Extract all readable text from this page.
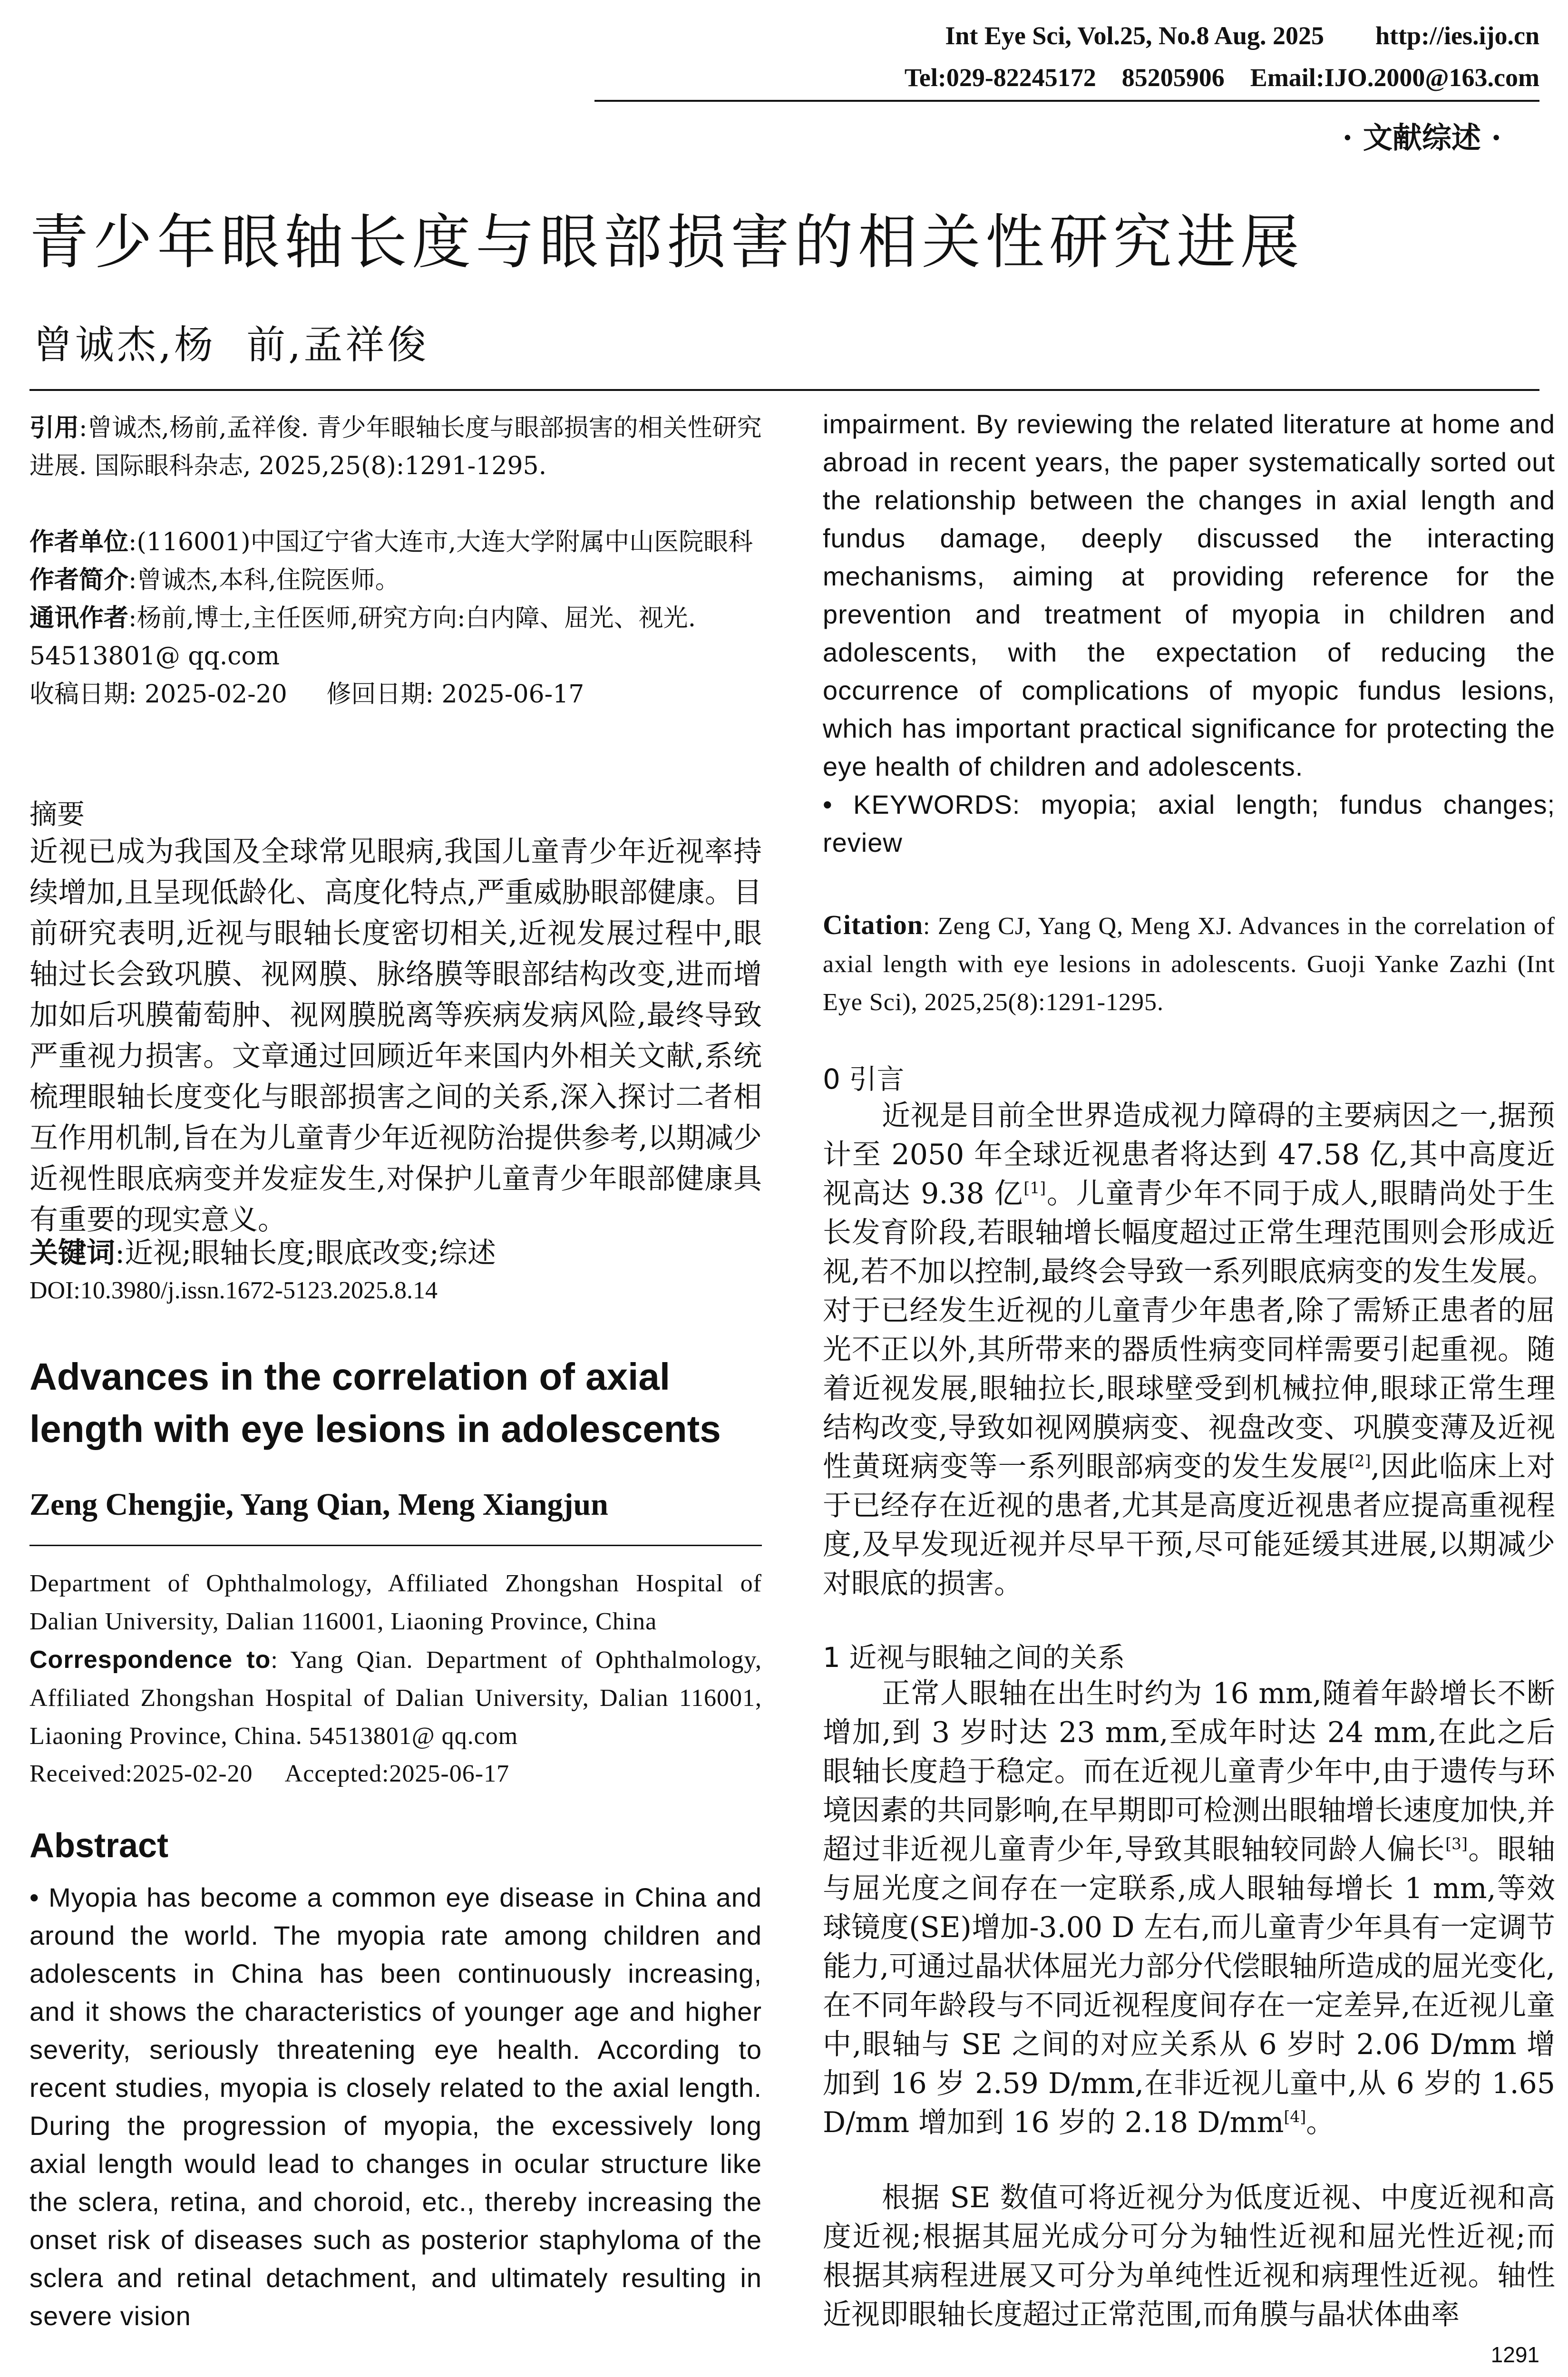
Int Eye Sci, Vol.25, No.8 Aug. 2025        http://ies.ijo.cn
Tel:029-82245172    85205906    Email:IJO.2000@163.com
· 文献综述 ·
青少年眼轴长度与眼部损害的相关性研究进展
曾诚杰,杨  前,孟祥俊
引用:曾诚杰,杨前,孟祥俊. 青少年眼轴长度与眼部损害的相关性研究进展. 国际眼科杂志, 2025,25(8):1291-1295.
作者单位:(116001)中国辽宁省大连市,大连大学附属中山医院眼科
作者简介:曾诚杰,本科,住院医师。
通讯作者:杨前,博士,主任医师,研究方向:白内障、屈光、视光. 54513801@ qq.com
收稿日期: 2025-02-20     修回日期: 2025-06-17
摘要
近视已成为我国及全球常见眼病,我国儿童青少年近视率持续增加,且呈现低龄化、高度化特点,严重威胁眼部健康。目前研究表明,近视与眼轴长度密切相关,近视发展过程中,眼轴过长会致巩膜、视网膜、脉络膜等眼部结构改变,进而增加如后巩膜葡萄肿、视网膜脱离等疾病发病风险,最终导致严重视力损害。文章通过回顾近年来国内外相关文献,系统梳理眼轴长度变化与眼部损害之间的关系,深入探讨二者相互作用机制,旨在为儿童青少年近视防治提供参考,以期减少近视性眼底病变并发症发生,对保护儿童青少年眼部健康具有重要的现实意义。
关键词:近视;眼轴长度;眼底改变;综述
DOI:10.3980/j.issn.1672-5123.2025.8.14
Advances in the correlation of axial length with eye lesions in adolescents
Zeng Chengjie, Yang Qian, Meng Xiangjun
Department of Ophthalmology, Affiliated Zhongshan Hospital of Dalian University, Dalian 116001, Liaoning Province, China
Correspondence to: Yang Qian. Department of Ophthalmology, Affiliated Zhongshan Hospital of Dalian University, Dalian 116001, Liaoning Province, China. 54513801@ qq.com
Received:2025-02-20     Accepted:2025-06-17
Abstract
• Myopia has become a common eye disease in China and around the world. The myopia rate among children and adolescents in China has been continuously increasing, and it shows the characteristics of younger age and higher severity, seriously threatening eye health. According to recent studies, myopia is closely related to the axial length. During the progression of myopia, the excessively long axial length would lead to changes in ocular structure like the sclera, retina, and choroid, etc., thereby increasing the onset risk of diseases such as posterior staphyloma of the sclera and retinal detachment, and ultimately resulting in severe vision
impairment. By reviewing the related literature at home and abroad in recent years, the paper systematically sorted out the relationship between the changes in axial length and fundus damage, deeply discussed the interacting mechanisms, aiming at providing reference for the prevention and treatment of myopia in children and adolescents, with the expectation of reducing the occurrence of complications of myopic fundus lesions, which has important practical significance for protecting the eye health of children and adolescents.
• KEYWORDS: myopia; axial length; fundus changes; review
Citation: Zeng CJ, Yang Q, Meng XJ. Advances in the correlation of axial length with eye lesions in adolescents. Guoji Yanke Zazhi (Int Eye Sci), 2025,25(8):1291-1295.
0 引言
近视是目前全世界造成视力障碍的主要病因之一,据预计至 2050 年全球近视患者将达到 47.58 亿,其中高度近视高达 9.38 亿[1]。儿童青少年不同于成人,眼睛尚处于生长发育阶段,若眼轴增长幅度超过正常生理范围则会形成近视,若不加以控制,最终会导致一系列眼底病变的发生发展。对于已经发生近视的儿童青少年患者,除了需矫正患者的屈光不正以外,其所带来的器质性病变同样需要引起重视。随着近视发展,眼轴拉长,眼球壁受到机械拉伸,眼球正常生理结构改变,导致如视网膜病变、视盘改变、巩膜变薄及近视性黄斑病变等一系列眼部病变的发生发展[2],因此临床上对于已经存在近视的患者,尤其是高度近视患者应提高重视程度,及早发现近视并尽早干预,尽可能延缓其进展,以期减少对眼底的损害。
1 近视与眼轴之间的关系
正常人眼轴在出生时约为 16 mm,随着年龄增长不断增加,到 3 岁时达 23 mm,至成年时达 24 mm,在此之后眼轴长度趋于稳定。而在近视儿童青少年中,由于遗传与环境因素的共同影响,在早期即可检测出眼轴增长速度加快,并超过非近视儿童青少年,导致其眼轴较同龄人偏长[3]。眼轴与屈光度之间存在一定联系,成人眼轴每增长 1 mm,等效球镜度(SE)增加-3.00 D 左右,而儿童青少年具有一定调节能力,可通过晶状体屈光力部分代偿眼轴所造成的屈光变化,在不同年龄段与不同近视程度间存在一定差异,在近视儿童中,眼轴与 SE 之间的对应关系从 6 岁时 2.06 D/mm 增加到 16 岁 2.59 D/mm,在非近视儿童中,从 6 岁的 1.65 D/mm 增加到 16 岁的 2.18 D/mm[4]。
根据 SE 数值可将近视分为低度近视、中度近视和高度近视;根据其屈光成分可分为轴性近视和屈光性近视;而根据其病程进展又可分为单纯性近视和病理性近视。轴性近视即眼轴长度超过正常范围,而角膜与晶状体曲率
1291
